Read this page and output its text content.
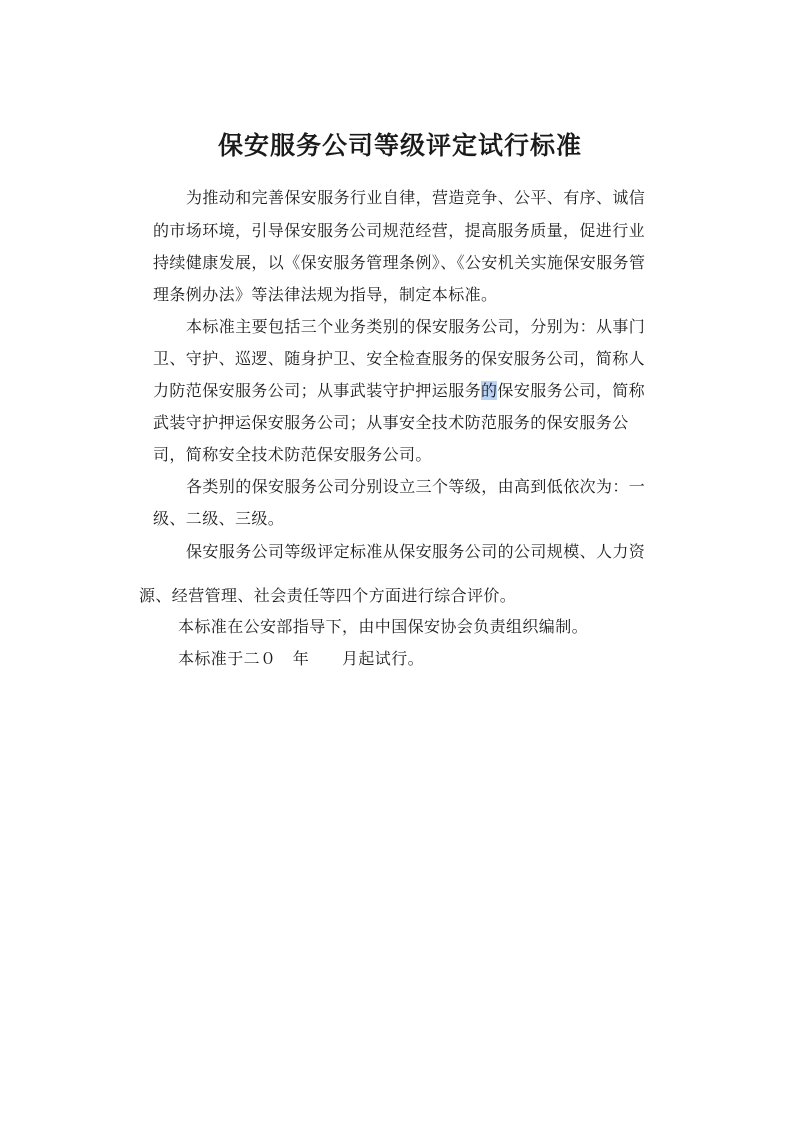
保安服务公司等级评定试行标准
为推动和完善保安服务行业自律，营造竞争、公平、有序、诚信
的市场环境，引导保安服务公司规范经营，提高服务质量，促进行业
持续健康发展，以《保安服务管理条例》、《公安机关实施保安服务管
理条例办法》等法律法规为指导，制定本标准。
本标准主要包括三个业务类别的保安服务公司，分别为：从事门
卫、守护、巡逻、随身护卫、安全检查服务的保安服务公司，简称人
力防范保安服务公司；从事武装守护押运服务的保安服务公司，简称
武装守护押运保安服务公司；从事安全技术防范服务的保安服务公
司，简称安全技术防范保安服务公司。
各类别的保安服务公司分别设立三个等级，由高到低依次为：一
级、二级、三级。
保安服务公司等级评定标准从保安服务公司的公司规模、人力资
源、经营管理、社会责任等四个方面进行综合评价。
本标准在公安部指导下，由中国保安协会负责组织编制。
本标准于二０　年　　月起试行。
